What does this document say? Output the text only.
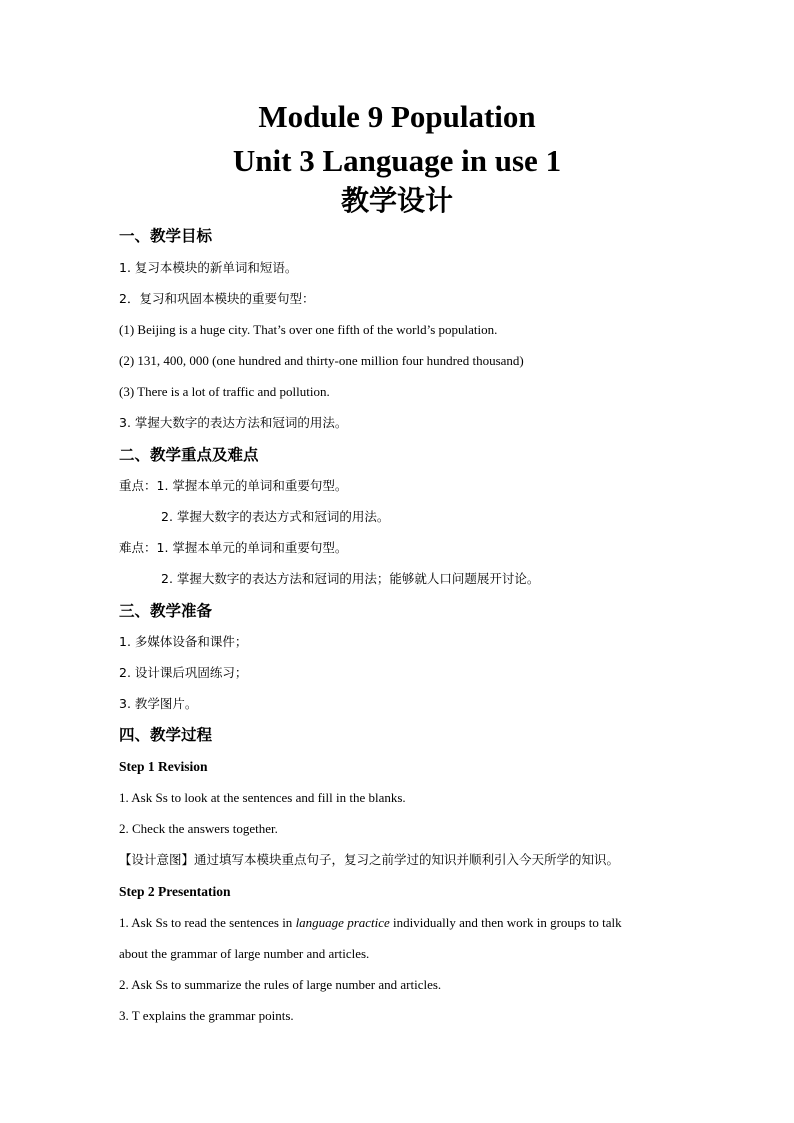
Module 9 Population
Unit 3 Language in use 1
教学设计
一、教学目标
1. 复习本模块的新单词和短语。
2．复习和巩固本模块的重要句型：
(1) Beijing is a huge city. That’s over one fifth of the world’s population.
(2) 131, 400, 000 (one hundred and thirty-one million four hundred thousand)
(3) There is a lot of traffic and pollution.
3. 掌握大数字的表达方法和冠词的用法。
二、教学重点及难点
重点：1. 掌握本单元的单词和重要句型。
2. 掌握大数字的表达方式和冠词的用法。
难点：1. 掌握本单元的单词和重要句型。
2. 掌握大数字的表达方法和冠词的用法；能够就人口问题展开讨论。
三、教学准备
1. 多媒体设备和课件；
2. 设计课后巩固练习；
3. 教学图片。
四、教学过程
Step 1 Revision
1. Ask Ss to look at the sentences and fill in the blanks.
2. Check the answers together.
【设计意图】通过填写本模块重点句子，复习之前学过的知识并顺利引入今天所学的知识。
Step 2 Presentation
1. Ask Ss to read the sentences in language practice individually and then work in groups to talk
about the grammar of large number and articles.
2. Ask Ss to summarize the rules of large number and articles.
3. T explains the grammar points.
